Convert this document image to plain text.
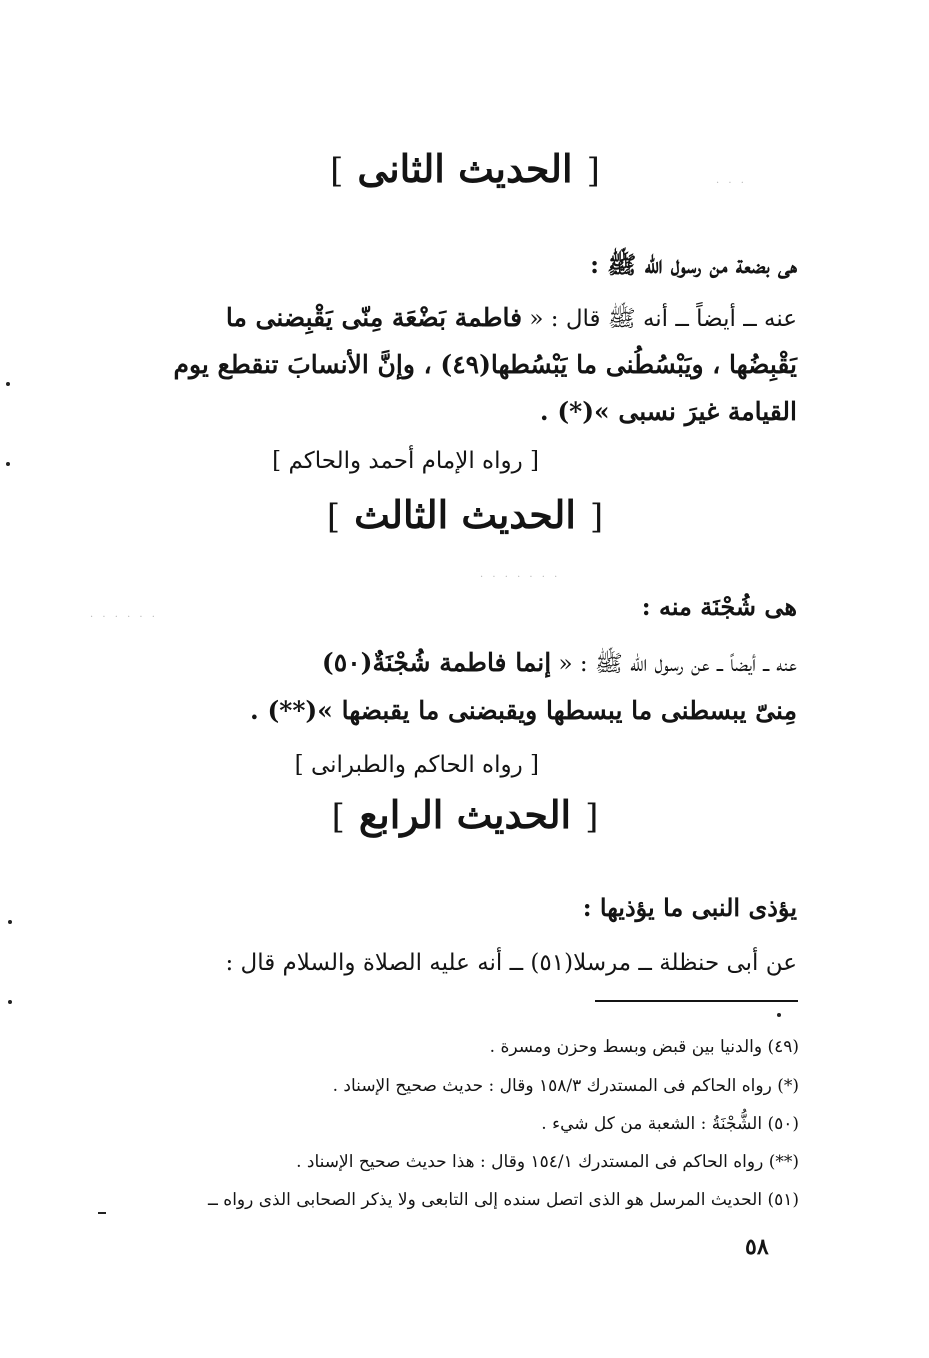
[الحديث الثانى]
هى بضعة من رسول الله ﷺ :
عنه ــ أيضاً ــ أنه ﷺ قال : « فاطمة بَضْعَة مِنّى يَقْبِضنى ما
يَقْبِضُها ، ويَبْسُطُنى ما يَبْسُطها(٤٩) ، وإنَّ الأنسابَ تنقطع يوم
القيامة غيرَ نسبى »(*) .
[ رواه الإمام أحمد والحاكم ]
[الحديث الثالث]
هى شُجْنَة منه :
عنه ــ أيضاً ــ عن رسول الله ﷺ : « إنما فاطمة شُجْنَةٌ(٥٠)
مِنىّ يبسطنى ما يبسطها ويقبضنى ما يقبضها »(**) .
[ رواه الحاكم والطبرانى ]
[الحديث الرابع]
يؤذى النبى ما يؤذيها :
عن أبى حنظلة ــ مرسلا(٥١) ــ أنه عليه الصلاة والسلام قال :
(٤٩) والدنيا بين قبض وبسط وحزن ومسرة .
(*) رواه الحاكم فى المستدرك ١٥٨/٣ وقال : حديث صحيح الإسناد .
(٥٠) الشُّجْنَةُ : الشعبة من كل شيء .
(**) رواه الحاكم فى المستدرك ١٥٤/١ وقال : هذا حديث صحيح الإسناد .
(٥١) الحديث المرسل هو الذى اتصل سنده إلى التابعى ولا يذكر الصحابى الذى رواه ــ
٥٨
· · ·
· · · · · · ·
· · · · · ·
